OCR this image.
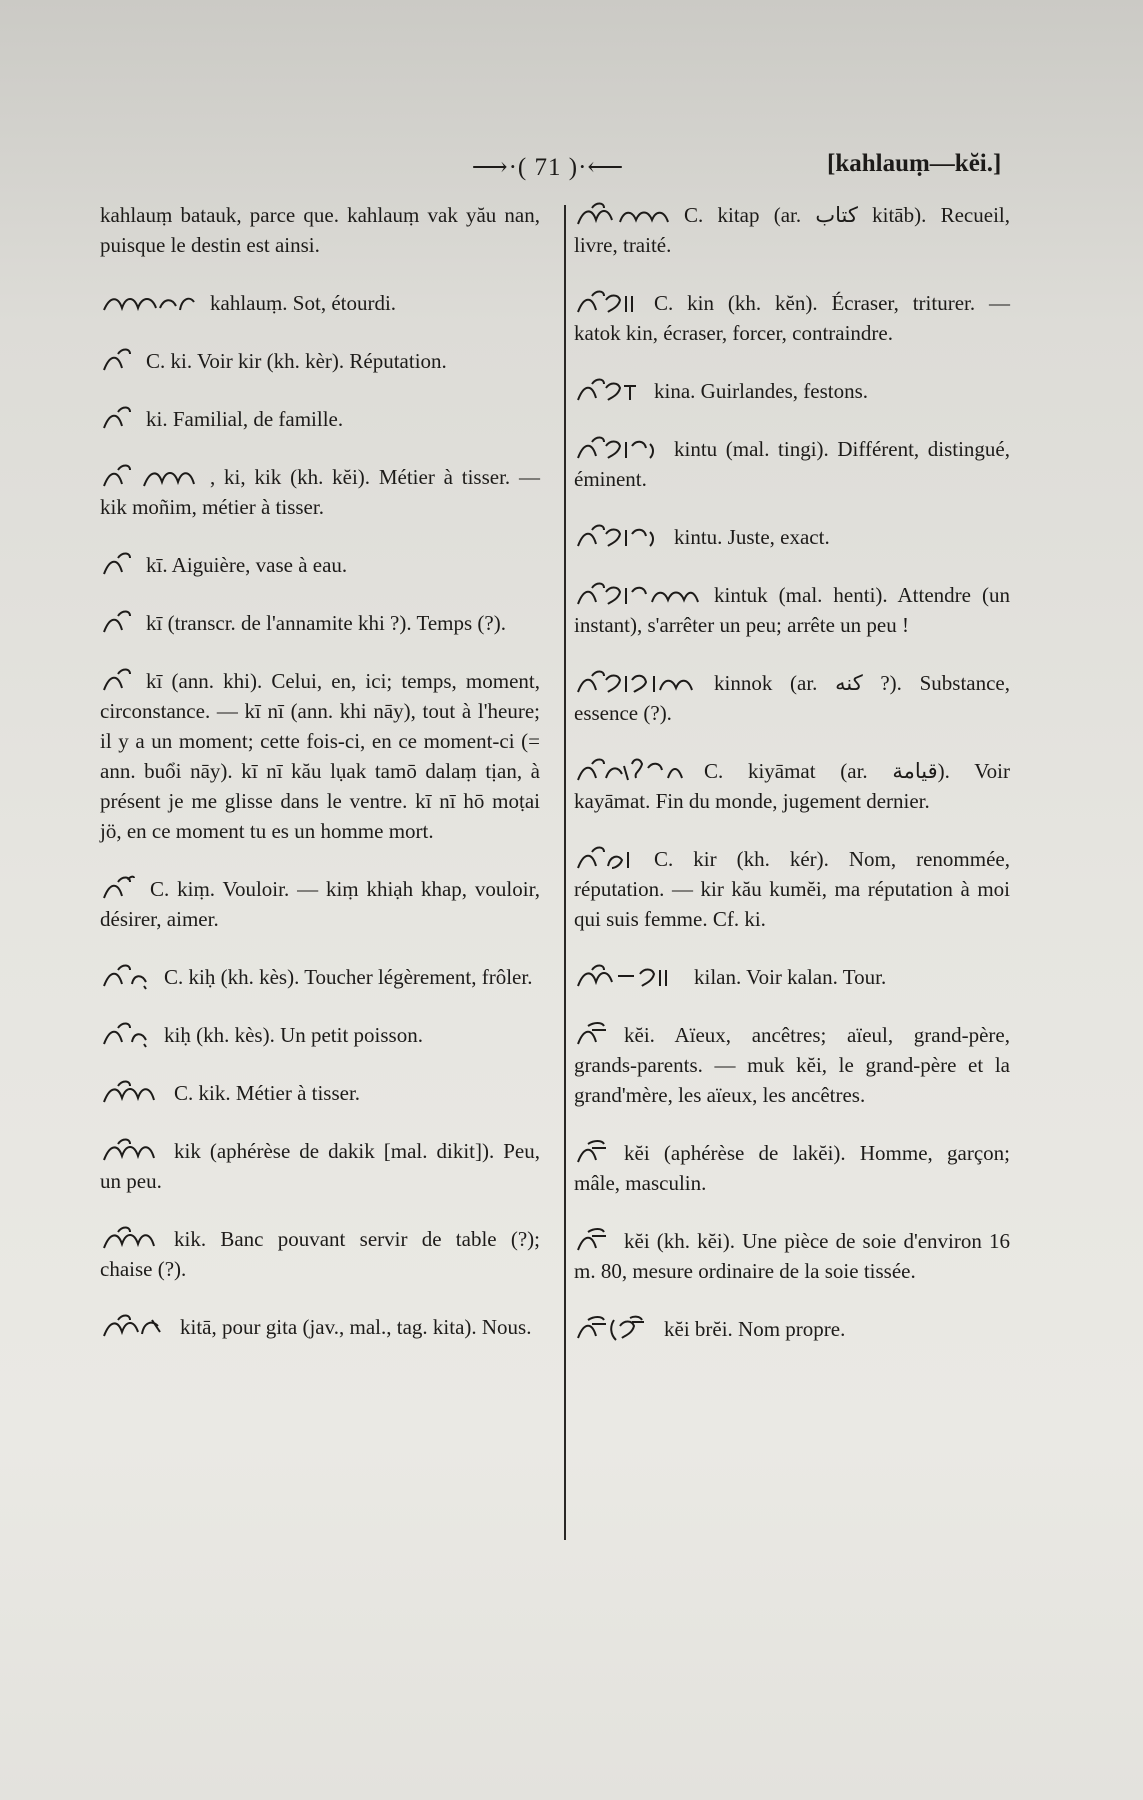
⟶·( 71 )·⟵	[kahlauṃ—kĕi.]

kahlauṃ batauk, parce que. kahlauṃ vak yău nan, puisque le destin est ainsi.

kahlauṃ. Sot, étourdi.

C. ki. Voir kir (kh. kèr). Réputation.

ki. Familial, de famille.

, ki, kik (kh. kĕi). Métier à tisser. — kik moñim, métier à tisser.

kī. Aiguière, vase à eau.

kī (transcr. de l'annamite khi ?). Temps (?).

kī (ann. khi). Celui, en, ici; temps, moment, circonstance. — kī nī (ann. khi nāy), tout à l'heure; il y a un moment; cette fois-ci, en ce moment-ci (= ann. buổi nāy). kī nī kău lụak tamō dalaṃ tịan, à présent je me glisse dans le ventre. kī nī hō moṭai jö, en ce moment tu es un homme mort.

C. kiṃ. Vouloir. — kiṃ khiạh khap, vouloir, désirer, aimer.

C. kiḥ (kh. kès). Toucher légèrement, frôler.

kiḥ (kh. kès). Un petit poisson.

C. kik. Métier à tisser.

kik (aphérèse de dakik [mal. dikit]). Peu, un peu.

kik. Banc pouvant servir de table (?); chaise (?).

kitā, pour gita (jav., mal., tag. kita). Nous.

C. kitap (ar. كتاب kitāb). Recueil, livre, traité.

C. kin (kh. kĕn). Écraser, triturer. — katok kin, écraser, forcer, contraindre.

kina. Guirlandes, festons.

kintu (mal. tingi). Différent, distingué, éminent.

kintu. Juste, exact.

kintuk (mal. henti). Attendre (un instant), s'arrêter un peu; arrête un peu !

kinnok (ar. كنه ?). Substance, essence (?).

C. kiyāmat (ar. قيامة). Voir kayāmat. Fin du monde, jugement dernier.

C. kir (kh. kér). Nom, renommée, réputation. — kir kău kumĕi, ma réputation à moi qui suis femme. Cf. ki.

kilan. Voir kalan. Tour.

kĕi. Aïeux, ancêtres; aïeul, grand-père, grands-parents. — muk kĕi, le grand-père et la grand'mère, les aïeux, les ancêtres.

kĕi (aphérèse de lakĕi). Homme, garçon; mâle, masculin.

kĕi (kh. kĕi). Une pièce de soie d'environ 16 m. 80, mesure ordinaire de la soie tissée.

kĕi brĕi. Nom propre.
